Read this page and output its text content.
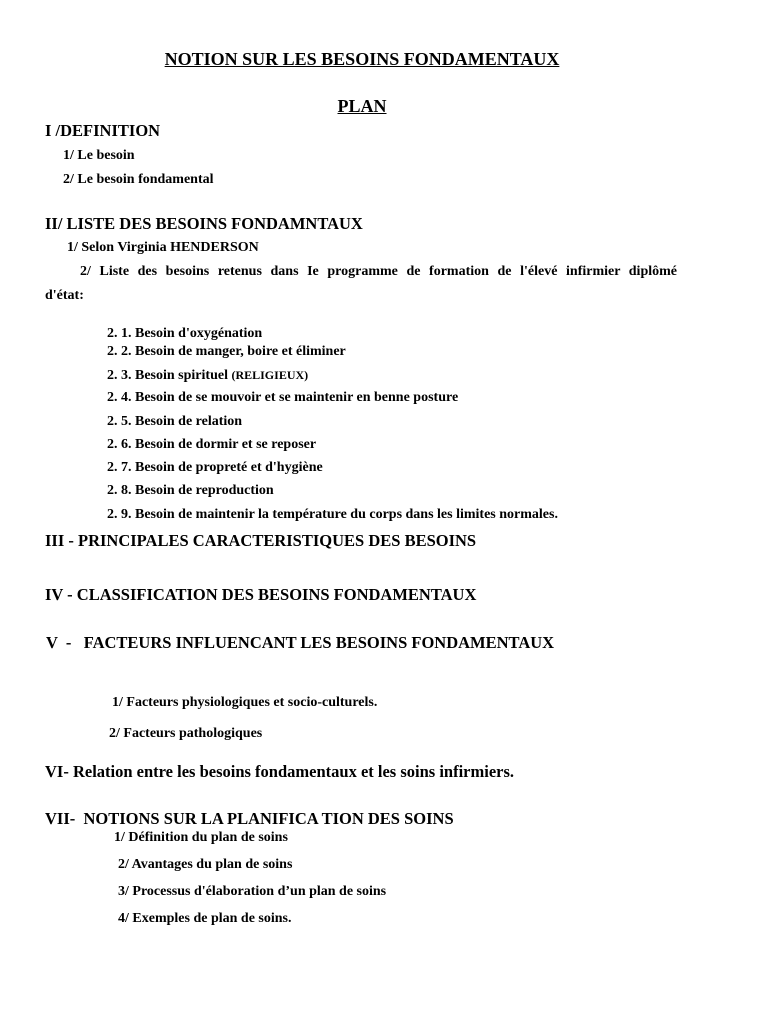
NOTION SUR LES BESOINS FONDAMENTAUX
PLAN
I /DEFINITION
1/ Le besoin
2/ Le besoin fondamental
II/ LISTE DES BESOINS FONDAMNTAUX
1/ Selon Virginia HENDERSON
2/ Liste des besoins retenus dans Ie programme de formation de l'élevé infirmier diplômé
d'état:
2. 1. Besoin d'oxygénation
2. 2. Besoin de manger, boire et éliminer
2. 3. Besoin spirituel (RELIGIEUX)
2. 4. Besoin de se mouvoir et se maintenir en benne posture
2. 5. Besoin de relation
2. 6. Besoin de dormir et se reposer
2. 7. Besoin de propreté et d'hygiène
2. 8. Besoin de reproduction
2. 9. Besoin de maintenir la température du corps dans les limites normales.
III - PRINCIPALES CARACTERISTIQUES DES BESOINS
IV - CLASSIFICATION DES BESOINS FONDAMENTAUX
V  -   FACTEURS INFLUENCANT LES BESOINS FONDAMENTAUX
1/ Facteurs physiologiques et socio-culturels.
2/ Facteurs pathologiques
VI- Relation entre les besoins fondamentaux et les soins infirmiers.
VII-  NOTIONS SUR LA PLANIFICA TION DES SOINS
1/ Définition du plan de soins
2/ Avantages du plan de soins
3/ Processus d'élaboration d’un plan de soins
4/ Exemples de plan de soins.
